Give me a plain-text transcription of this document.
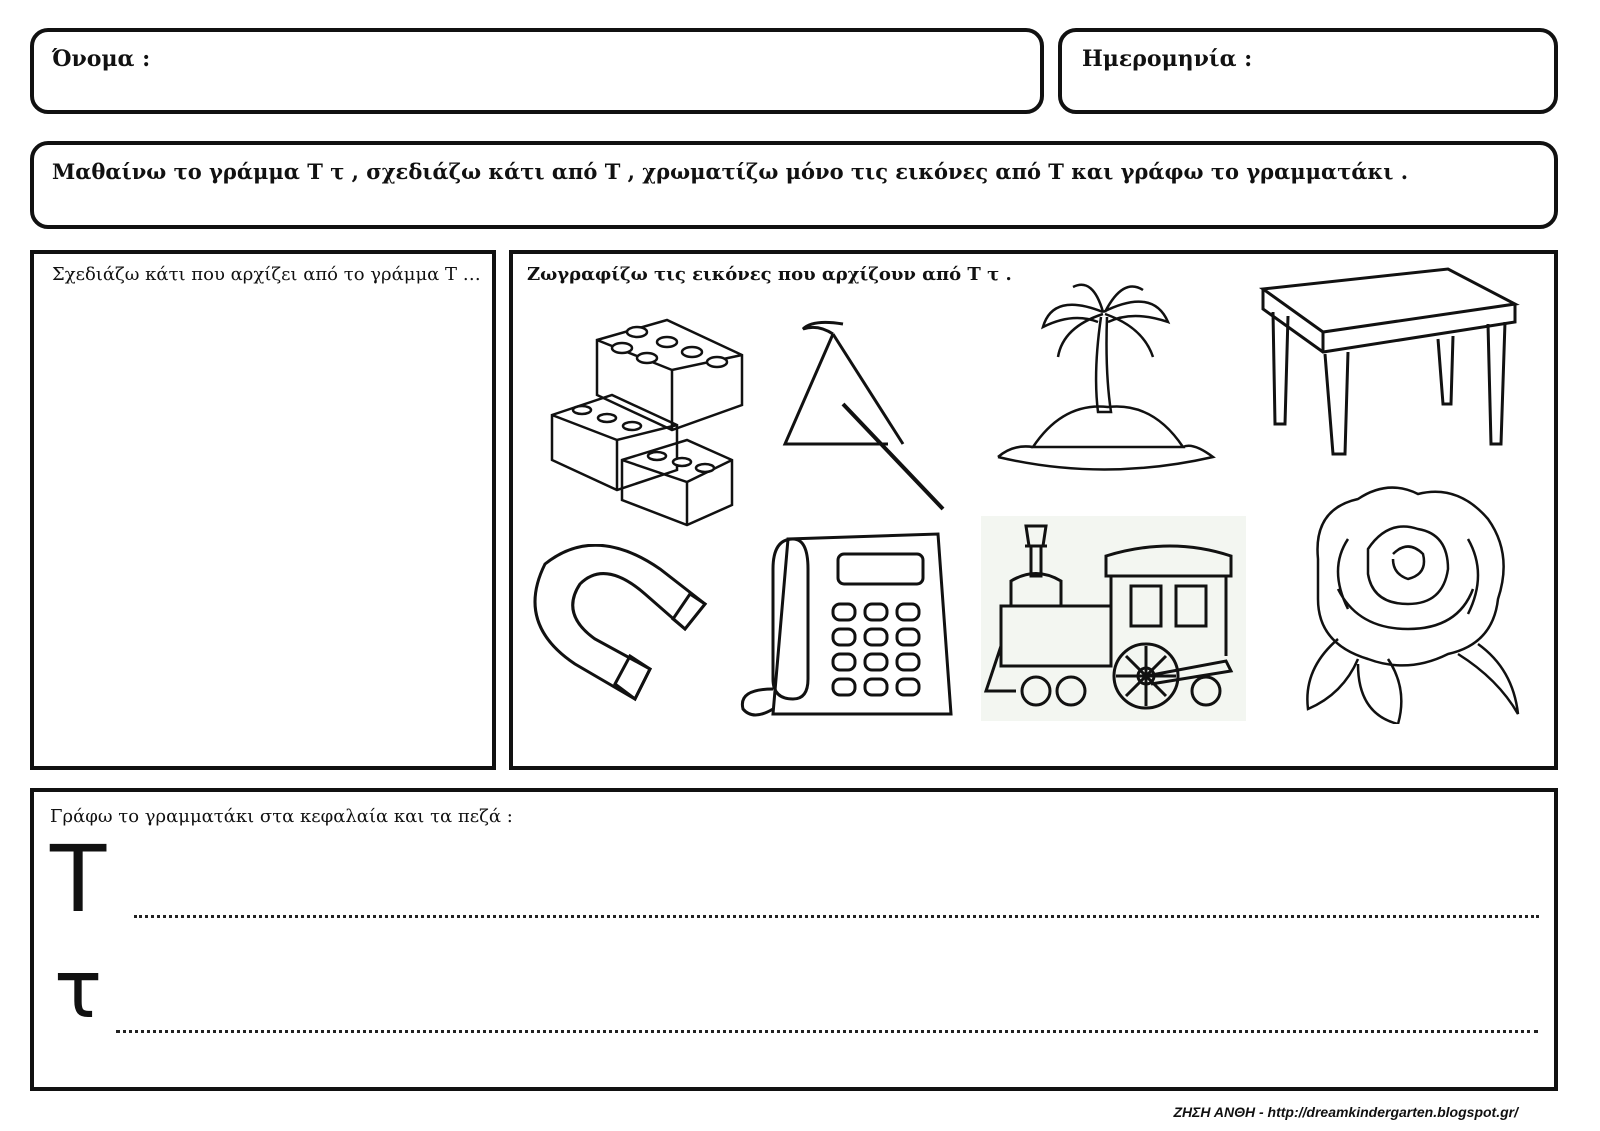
Όνομα :	Ημερομηνία :
Μαθαίνω το γράμμα Τ τ , σχεδιάζω κάτι από Τ , χρωματίζω μόνο τις εικόνες από Τ και γράφω το γραμματάκι .
Σχεδιάζω κάτι που αρχίζει από το γράμμα Τ …	Ζωγραφίζω τις εικόνες που αρχίζουν από Τ τ .
Γράφω το γραμματάκι στα κεφαλαία και τα πεζά :
Τ
τ
ΖΗΣΗ ΑΝΘΗ - http://dreamkindergarten.blogspot.gr/
